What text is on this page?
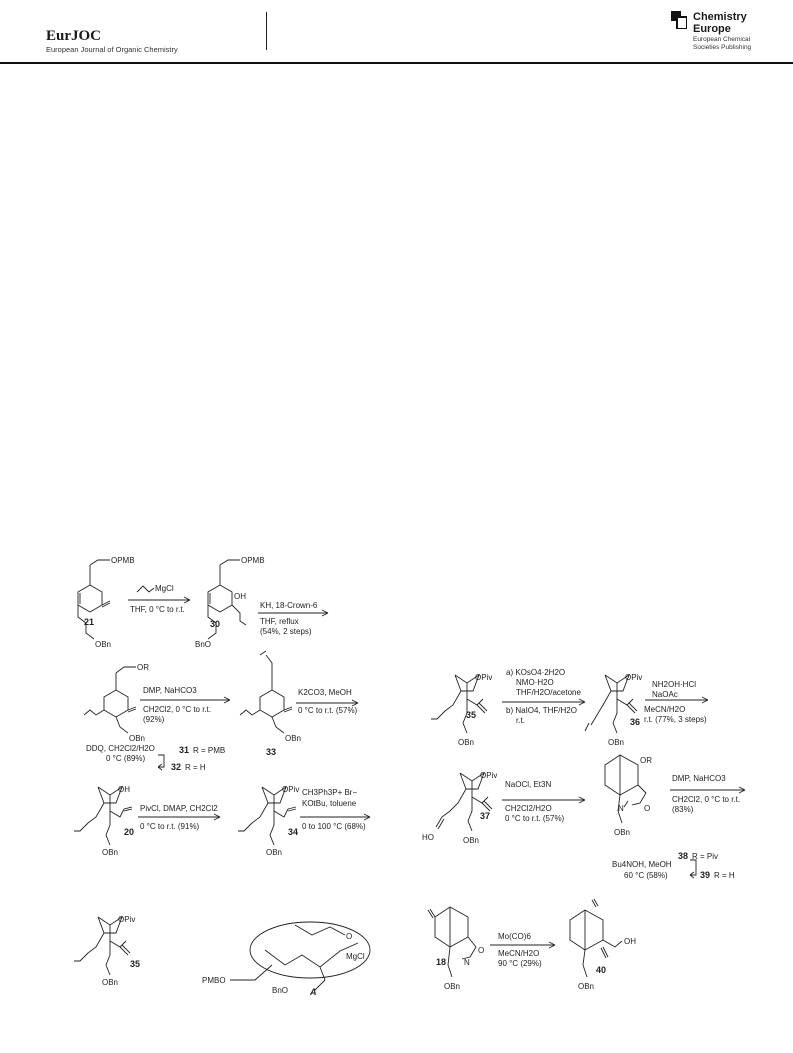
EurJOC
European Journal of Organic Chemistry
Chemistry
Europe
European Chemical
Societies Publishing
OPMB
OBn
21
MgCl
THF, 0 °C to r.t.
OPMB
OH
BnO
30
KH, 18-Crown-6
THF, reflux
(54%, 2 steps)
OR
OBn
DMP, NaHCO3
CH2Cl2, 0 °C to r.t.
(92%)
DDQ, CH2Cl2/H2O
0 °C (89%)
31 R = PMB
32 R = H
33
OBn
K2CO3, MeOH
0 °C to r.t. (57%)
OH
OBn
20
PivCl, DMAP, CH2Cl2
0 °C to r.t. (91%)
OPiv
OBn
34
CH3Ph3P+ Br−
KOtBu, toluene
0 to 100 °C (68%)
OPiv
OBn
35
PMBO
BnO
O
MgCl
A
OPiv
OBn
35
a) KOsO4·2H2O
NMO·H2O
THF/H2O/acetone
b) NaIO4, THF/H2O
r.t.
OPiv
OBn
36
NH2OH·HCl
NaOAc
MeCN/H2O
r.t. (77%, 3 steps)
OPiv
HO	OBn
37
NaOCl, Et3N
CH2Cl2/H2O
0 °C to r.t. (57%)
OR
N	O
OBn
DMP, NaHCO3
CH2Cl2, 0 °C to r.t.
(83%)
38 R = Piv
Bu4NOH, MeOH
60 °C (58%)	39 R = H
N
O
OBn
18
Mo(CO)6
MeCN/H2O
90 °C (29%)
OH
OBn
40
